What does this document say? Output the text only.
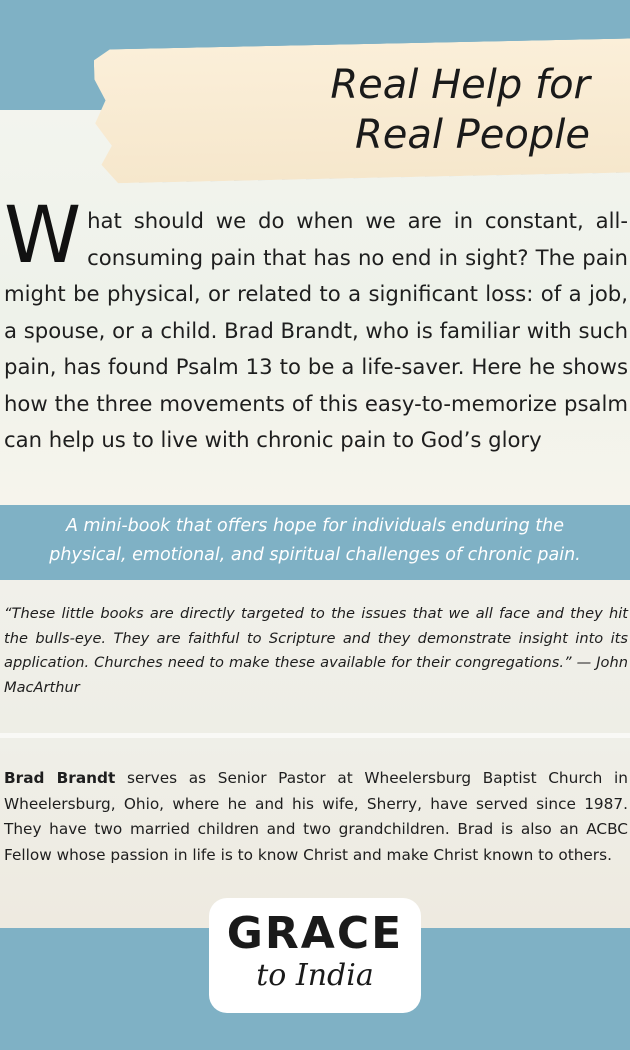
Real Help for
Real People
What should we do when we are in constant, all-consuming pain that has no end in sight? The pain might be physical, or related to a significant loss: of a job, a spouse, or a child. Brad Brandt, who is familiar with such pain, has found Psalm 13 to be a life-saver. Here he shows how the three movements of this easy-to-memorize psalm can help us to live with chronic pain to God’s glory
A mini-book that offers hope for individuals enduring the
physical, emotional, and spiritual challenges of chronic pain.
“These little books are directly targeted to the issues that we all face and they hit the bulls-eye. They are faithful to Scripture and they demonstrate insight into its application. Churches need to make these available for their congregations.” — John MacArthur
Brad Brandt serves as Senior Pastor at Wheelersburg Baptist Church in Wheelersburg, Ohio, where he and his wife, Sherry, have served since 1987. They have two married children and two grandchildren. Brad is also an ACBC Fellow whose passion in life is to know Christ and make Christ known to others.
GRACE
to India
